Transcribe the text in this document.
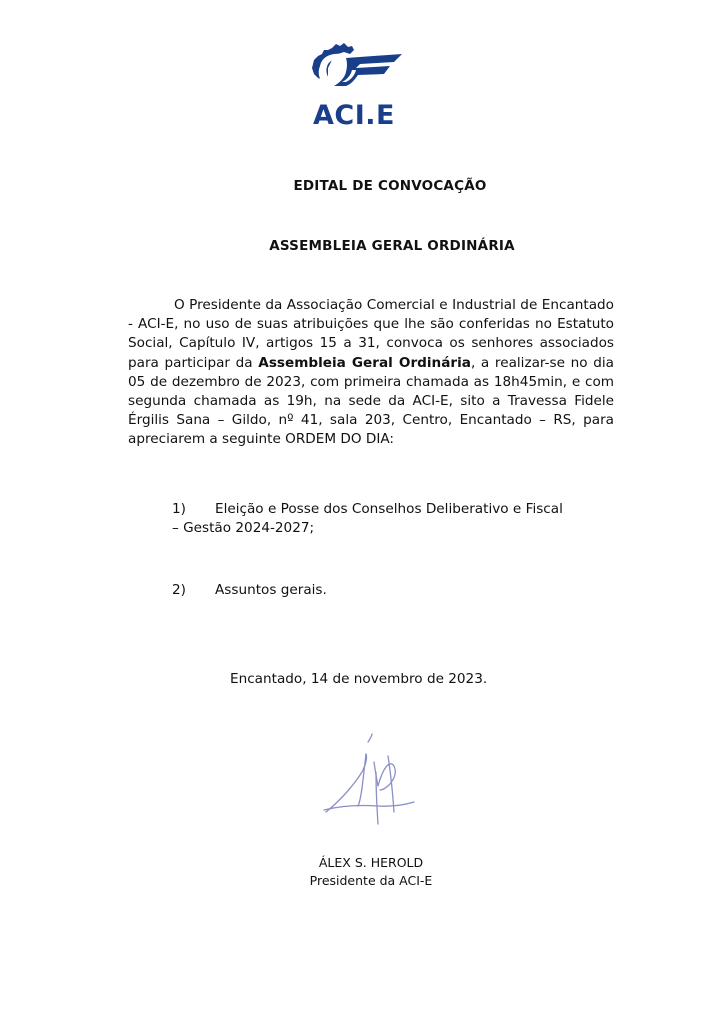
ACI.E
EDITAL DE CONVOCAÇÃO
ASSEMBLEIA GERAL ORDINÁRIA
O Presidente da Associação Comercial e Industrial de Encantado - ACI-E, no uso de suas atribuições que lhe são conferidas no Estatuto Social, Capítulo IV, artigos 15 a 31, convoca os senhores associados para participar da Assembleia Geral Ordinária, a realizar-se no dia 05 de dezembro de 2023, com primeira chamada as 18h45min, e com segunda chamada as 19h, na sede da ACI-E, sito a Travessa Fidele Érgilis Sana – Gildo, nº 41, sala 203, Centro, Encantado – RS, para apreciarem a seguinte ORDEM DO DIA:
1) Eleição e Posse dos Conselhos Deliberativo e Fiscal
– Gestão 2024-2027;
2) Assuntos gerais.
Encantado, 14 de novembro de 2023.
ÁLEX S. HEROLD
Presidente da ACI-E
